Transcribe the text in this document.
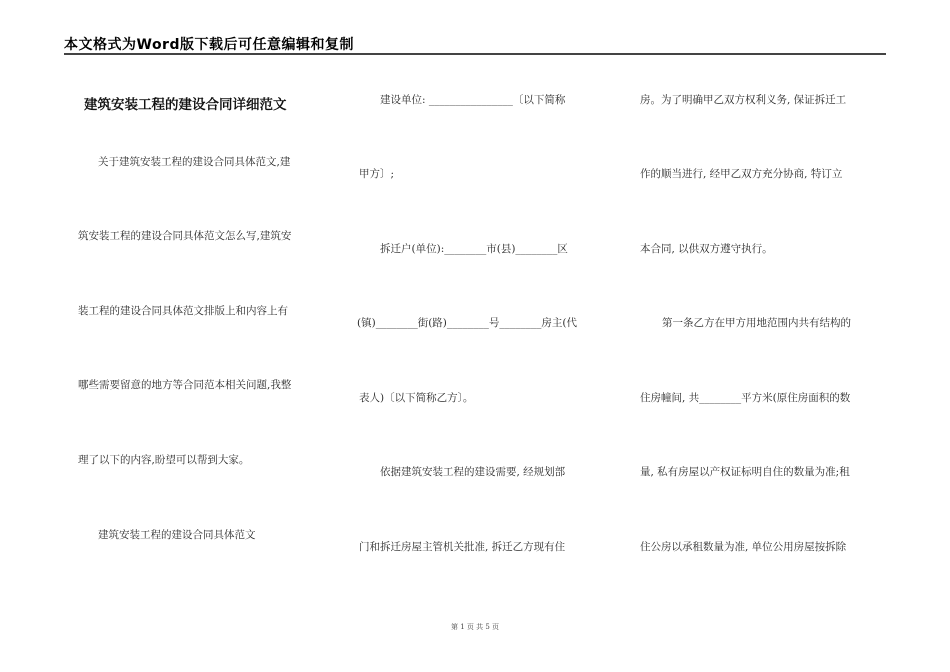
本文格式为Word版下载后可任意编辑和复制
建筑安装工程的建设合同详细范文
关于建筑安装工程的建设合同具体范文,建
筑安装工程的建设合同具体范文怎么写,建筑安
装工程的建设合同具体范文排版上和内容上有
哪些需要留意的地方等合同范本相关问题,我整
理了以下的内容,盼望可以帮到大家。
建筑安装工程的建设合同具体范文
建设单位: ________________〔以下简称
甲方〕;
拆迁户(单位):________市(县)________区
(镇)________街(路)________号________房主(代
表人)〔以下简称乙方〕。
依据建筑安装工程的建设需要, 经规划部
门和拆迁房屋主管机关批准, 拆迁乙方现有住
房。为了明确甲乙双方权利义务, 保证拆迁工
作的顺当进行, 经甲乙双方充分协商, 特订立
本合同, 以供双方遵守执行。
第一条乙方在甲方用地范围内共有结构的
住房幢间, 共________平方米(原住房面积的数
量, 私有房屋以产权证标明自住的数量为准;租
住公房以承租数量为准, 单位公用房屋按拆除
第 1 页 共 5 页
